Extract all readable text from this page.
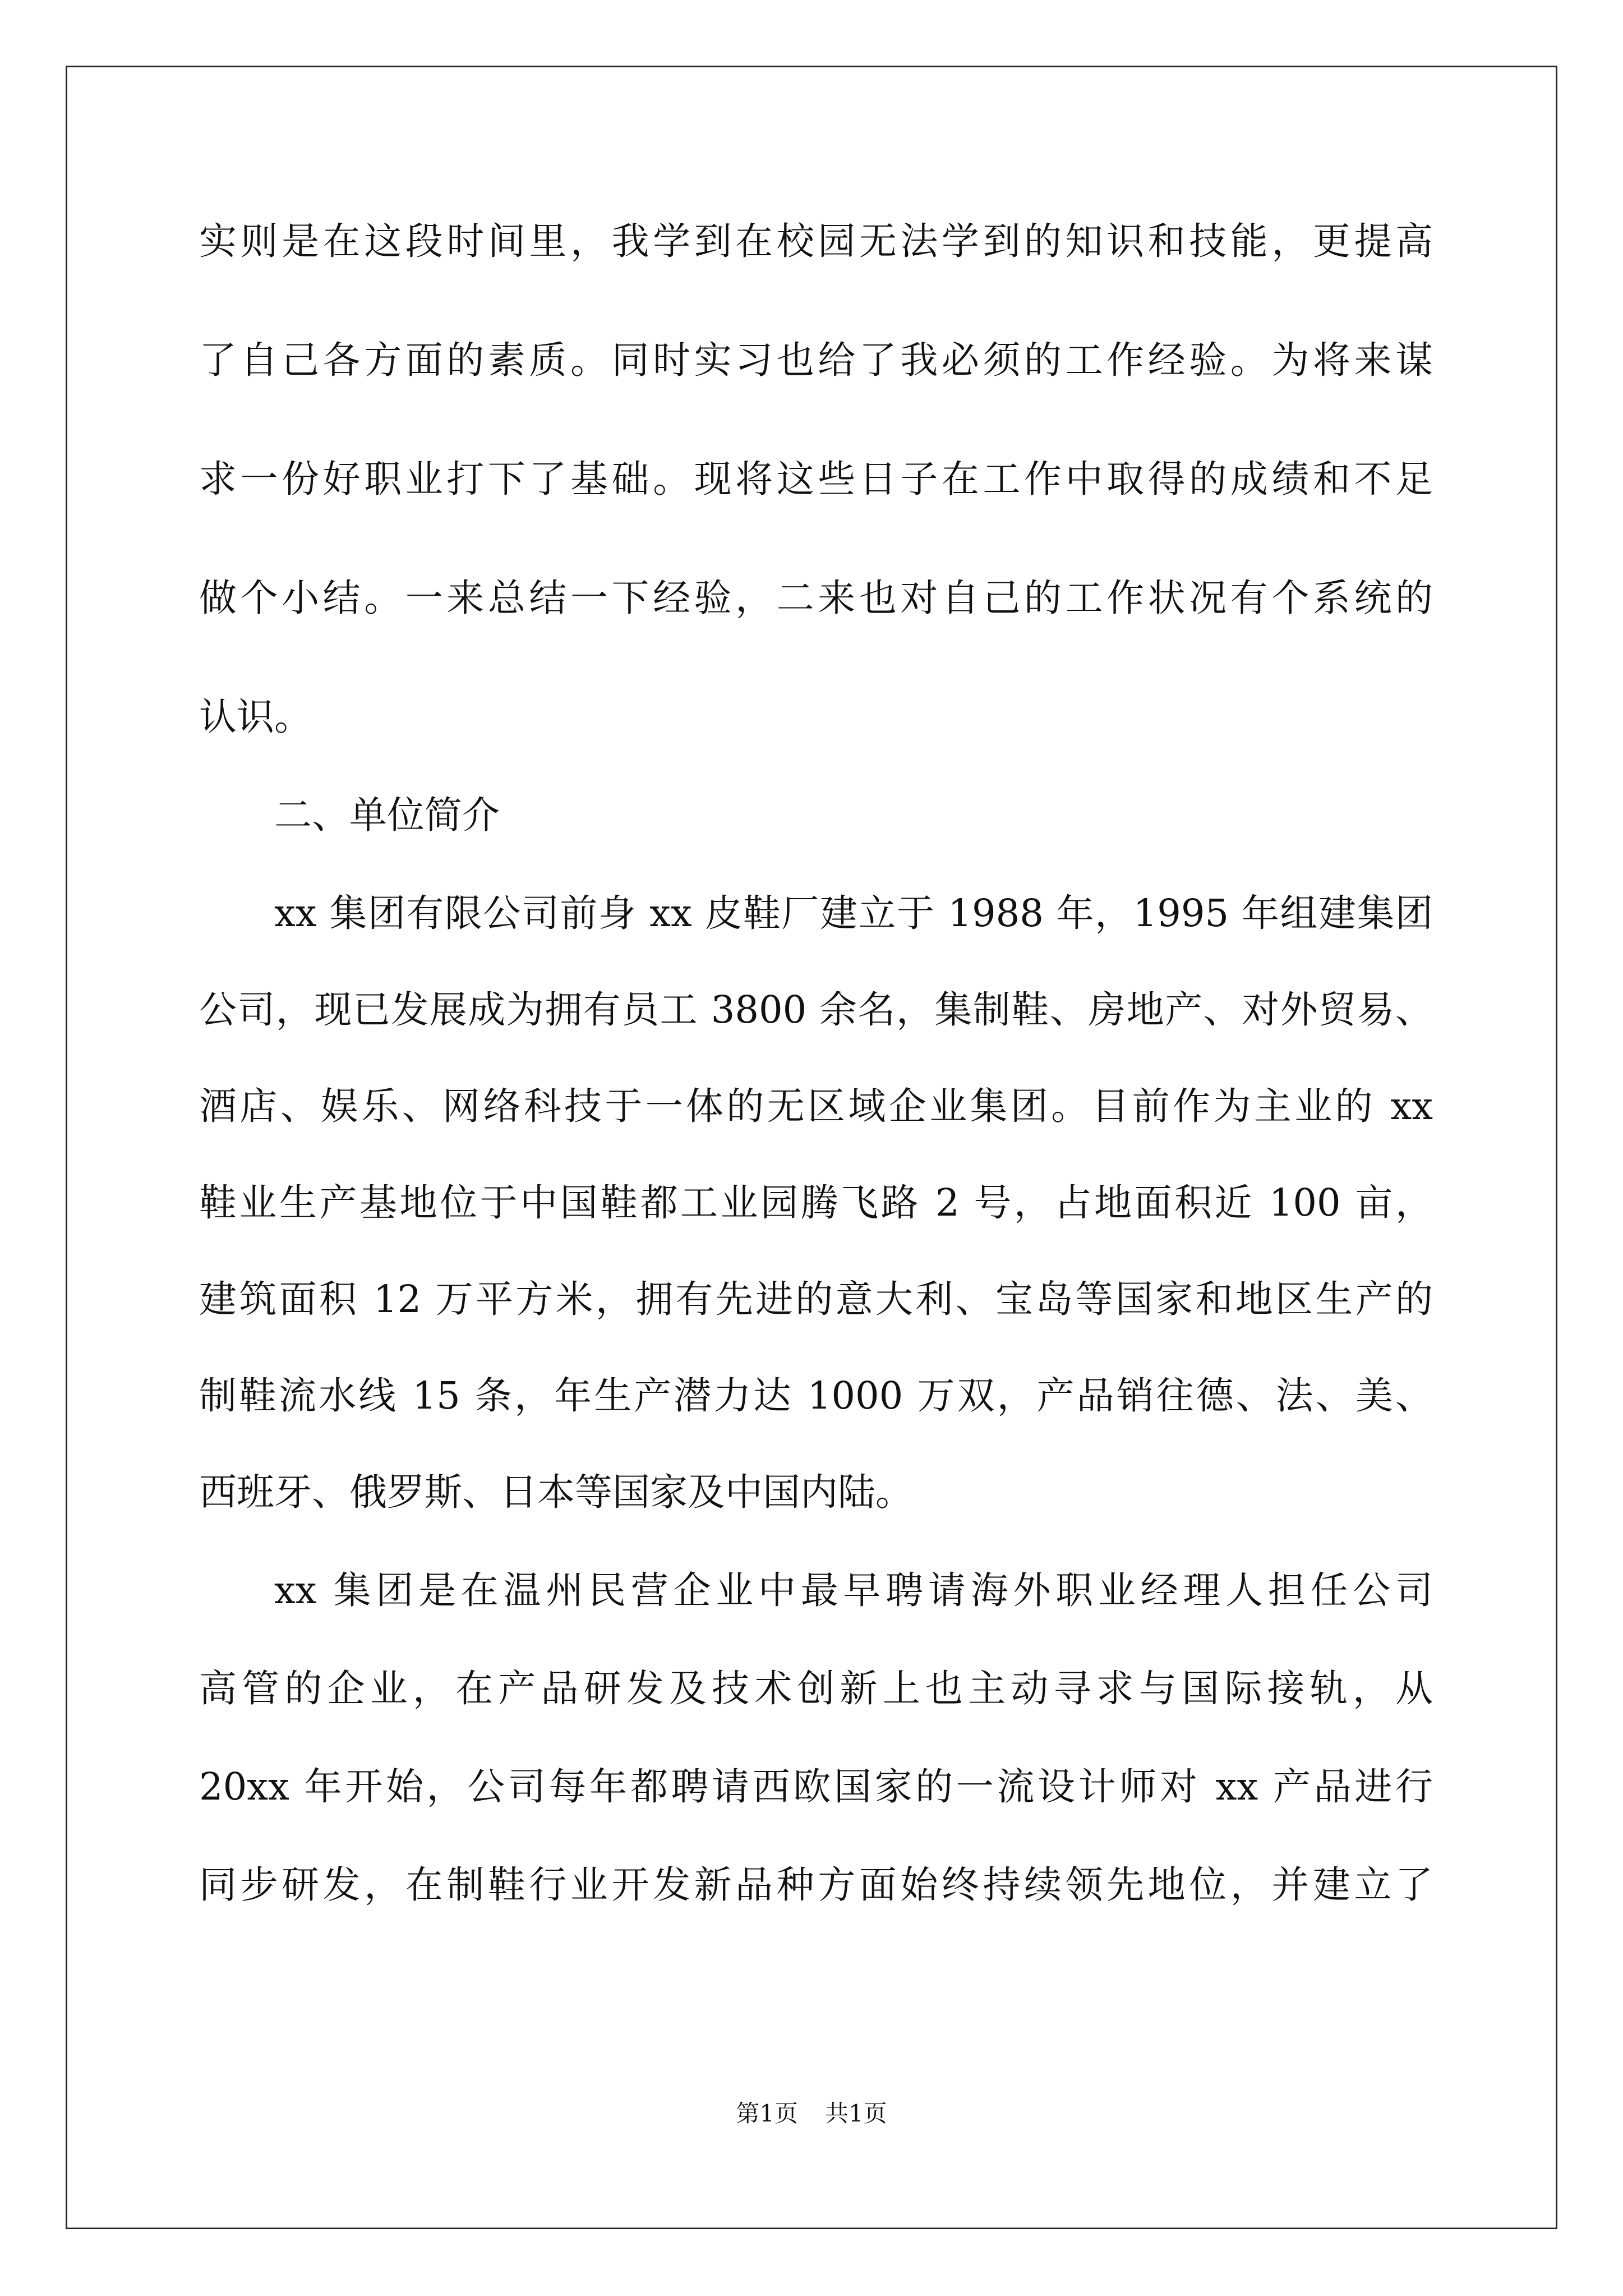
实则是在这段时间里，我学到在校园无法学到的知识和技能，更提高
了自己各方面的素质。同时实习也给了我必须的工作经验。为将来谋
求一份好职业打下了基础。现将这些日子在工作中取得的成绩和不足
做个小结。一来总结一下经验，二来也对自己的工作状况有个系统的
认识。
二、单位简介
xx 集团有限公司前身 xx 皮鞋厂建立于 1988 年，1995 年组建集团
公司，现已发展成为拥有员工 3800 余名，集制鞋、房地产、对外贸易、
酒店、娱乐、网络科技于一体的无区域企业集团。目前作为主业的 xx
鞋业生产基地位于中国鞋都工业园腾飞路 2 号，占地面积近 100 亩，
建筑面积 12 万平方米，拥有先进的意大利、宝岛等国家和地区生产的
制鞋流水线 15 条，年生产潜力达 1000 万双，产品销往德、法、美、
西班牙、俄罗斯、日本等国家及中国内陆。
xx 集团是在温州民营企业中最早聘请海外职业经理人担任公司
高管的企业，在产品研发及技术创新上也主动寻求与国际接轨，从
20xx 年开始，公司每年都聘请西欧国家的一流设计师对 xx 产品进行
同步研发，在制鞋行业开发新品种方面始终持续领先地位，并建立了
第1页 共1页
